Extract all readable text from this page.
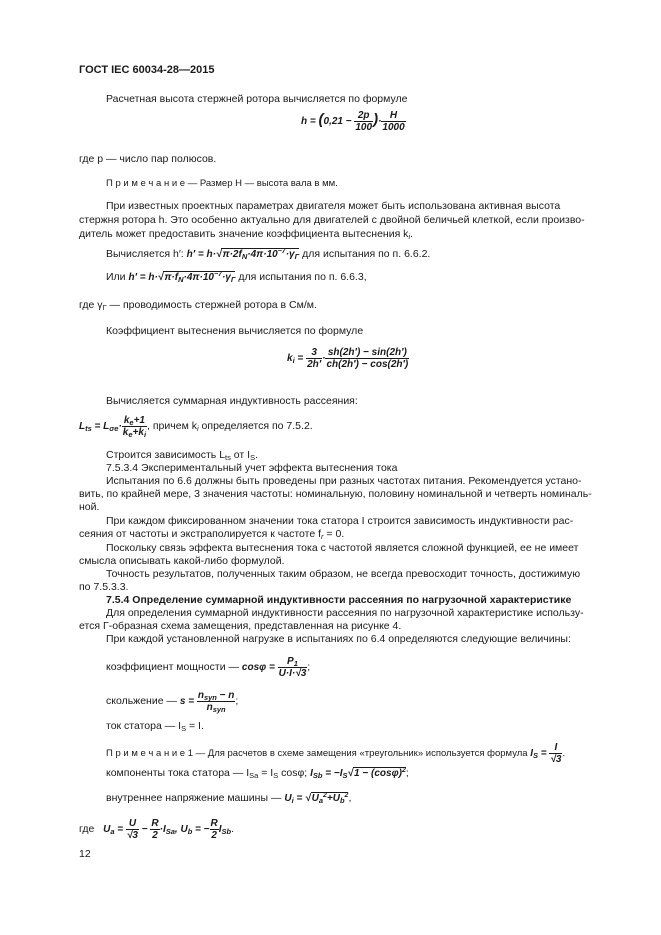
ГОСТ IEC 60034-28—2015
Расчетная высота стержней ротора вычисляется по формуле
$h = (0,21 - \frac{2p}{100}$ )· $\frac{H}{1000}$
где p — число пар полюсов.
П р и м е ч а н и е — Размер H — высота вала в мм.
При известных проектных параметрах двигателя может быть использована активная высота
стержня ротора h. Это особенно актуально для двигателей с двойной беличьей клеткой, если произво-
дитель может предоставить значение коэффициента вытеснения $k_i$.
Вычисляется h′: $h' = h\cdot√\pi\cdot 2f_N\cdot 4\pi\cdot 10^{-7}\cdot\gamma_\Gamma$ для испытания по п. 6.6.2.
Или $h' = h\cdot√\pi\cdot f_N\cdot 4\pi\cdot 10^{-7}\cdot\gamma_\Gamma$ для испытания по п. 6.6.3,
где $\gamma_\Gamma$ — проводимость стержней ротора в См/м.
Коэффициент вытеснения вычисляется по формуле
$k_i = \frac{3}{2h'} \cdot \frac{sh(2h') - \sin(2h')}{ch(2h') - \cos(2h')}$
Вычисляется суммарная индуктивность рассеяния:
$L_{ts} = L_{\sigma e}\cdot \frac{k_e+1}{k_e+k_i}$ , причем $k_i$ определяется по 7.5.2.
Строится зависимость $L_{ts}$ от $I_S$.
7.5.3.4 Экспериментальный учет эффекта вытеснения тока
Испытания по 6.6 должны быть проведены при разных частотах питания. Рекомендуется устано-
вить, по крайней мере, 3 значения частоты: номинальную, половину номинальной и четверть номиналь-
ной.
При каждом фиксированном значении тока статора I строится зависимость индуктивности рас-
сеяния от частоты и экстраполируется к частоте $f_r = 0$.
Поскольку связь эффекта вытеснения тока с частотой является сложной функцией, ее не имеет
смысла описывать какой-либо формулой.
Точность результатов, полученных таким образом, не всегда превосходит точность, достижимую
по 7.5.3.3.
7.5.4 Определение суммарной индуктивности рассеяния по нагрузочной характеристике
Для определения суммарной индуктивности рассеяния по нагрузочной характеристике использу-
ется Г-образная схема замещения, представленная на рисунке 4.
При каждой установленной нагрузке в испытаниях по 6.4 определяются следующие величины:
коэффициент мощности — $\cos\varphi = \frac{P_1}{U\cdot I\cdot√3}$ ;
скольжение — $s = \frac{n_{syn} - n}{n_{syn}}$ ;
ток статора — $I_S = I$.
П р и м е ч а н и е 1 — Для расчетов в схеме замещения «треугольник» используется формула $I_S = \frac{I}{√3}$ .
компоненты тока статора — $I_{Sa} = I_S$ cosφ; $I_{Sb} = -I_S√1 - (\cos\varphi)^2$;
внутреннее напряжение машины — $U_i = √U_a^2+U_b^2$,
где $U_a = \frac{U}{√3} - \frac{R}{2} \cdot I_{Sa}$, $U_b$ = − $\frac{R}{2} I_{Sb}$.
12
